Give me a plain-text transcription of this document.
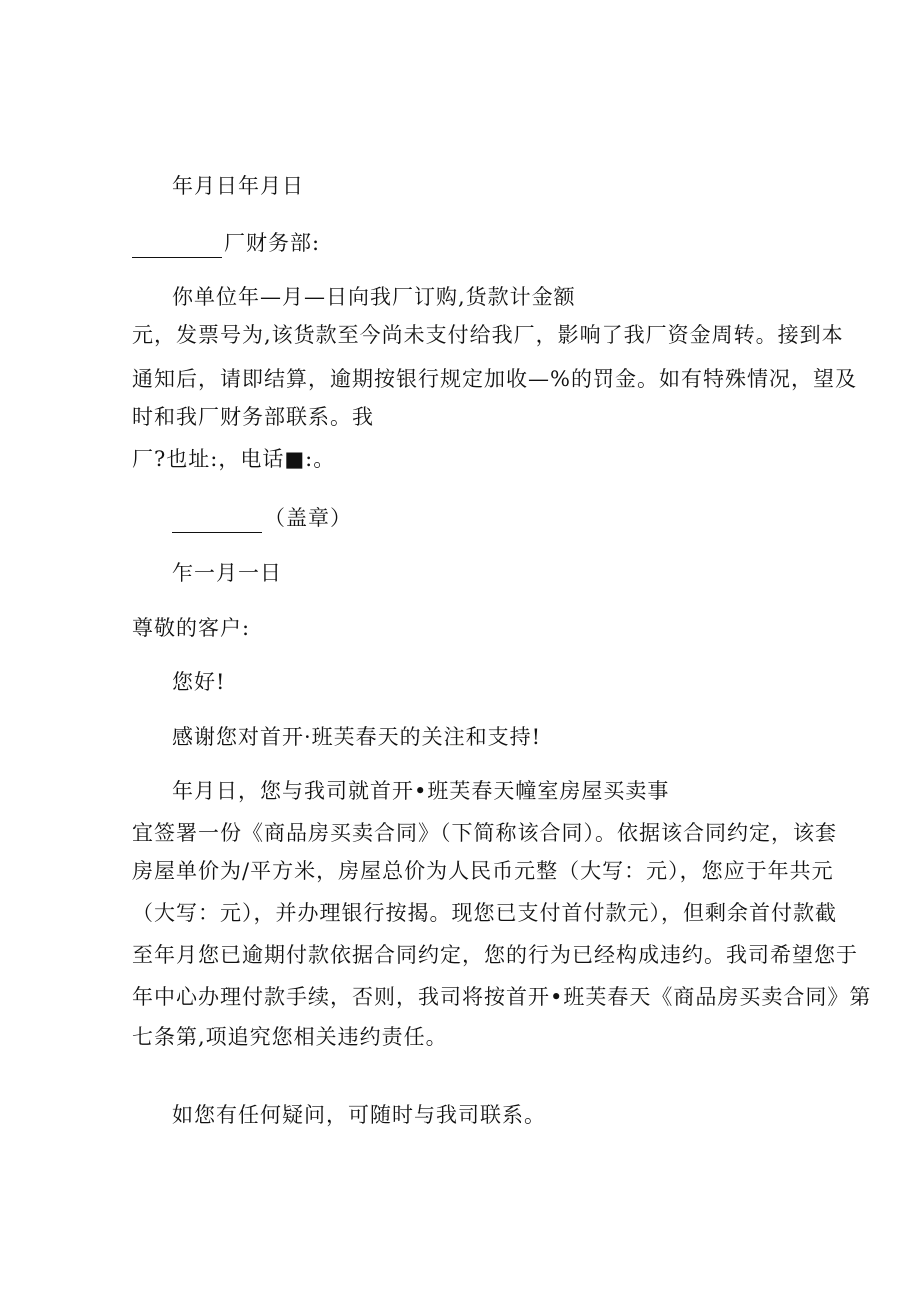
年月日年月日
厂财务部:
你单位年—月—日向我厂订购,货款计金额
元，发票号为,该货款至今尚未支付给我厂，影响了我厂资金周转。接到本
通知后，请即结算，逾期按银行规定加收—%的罚金。如有特殊情况，望及
时和我厂财务部联系。我
厂?也址:，电话■:。
（盖章）
乍一月一日
尊敬的客户:
您好!
感谢您对首开·班芙春天的关注和支持!
年月日，您与我司就首开•班芙春天幢室房屋买卖事
宜签署一份《商品房买卖合同》（下简称该合同）。依据该合同约定，该套
房屋单价为/平方米，房屋总价为人民币元整（大写：元），您应于年共元
（大写：元），并办理银行按揭。现您已支付首付款元），但剩余首付款截
至年月您已逾期付款依据合同约定，您的行为已经构成违约。我司希望您于
年中心办理付款手续，否则，我司将按首开•班芙春天《商品房买卖合同》第
七条第,项追究您相关违约责任。
如您有任何疑问，可随时与我司联系。
